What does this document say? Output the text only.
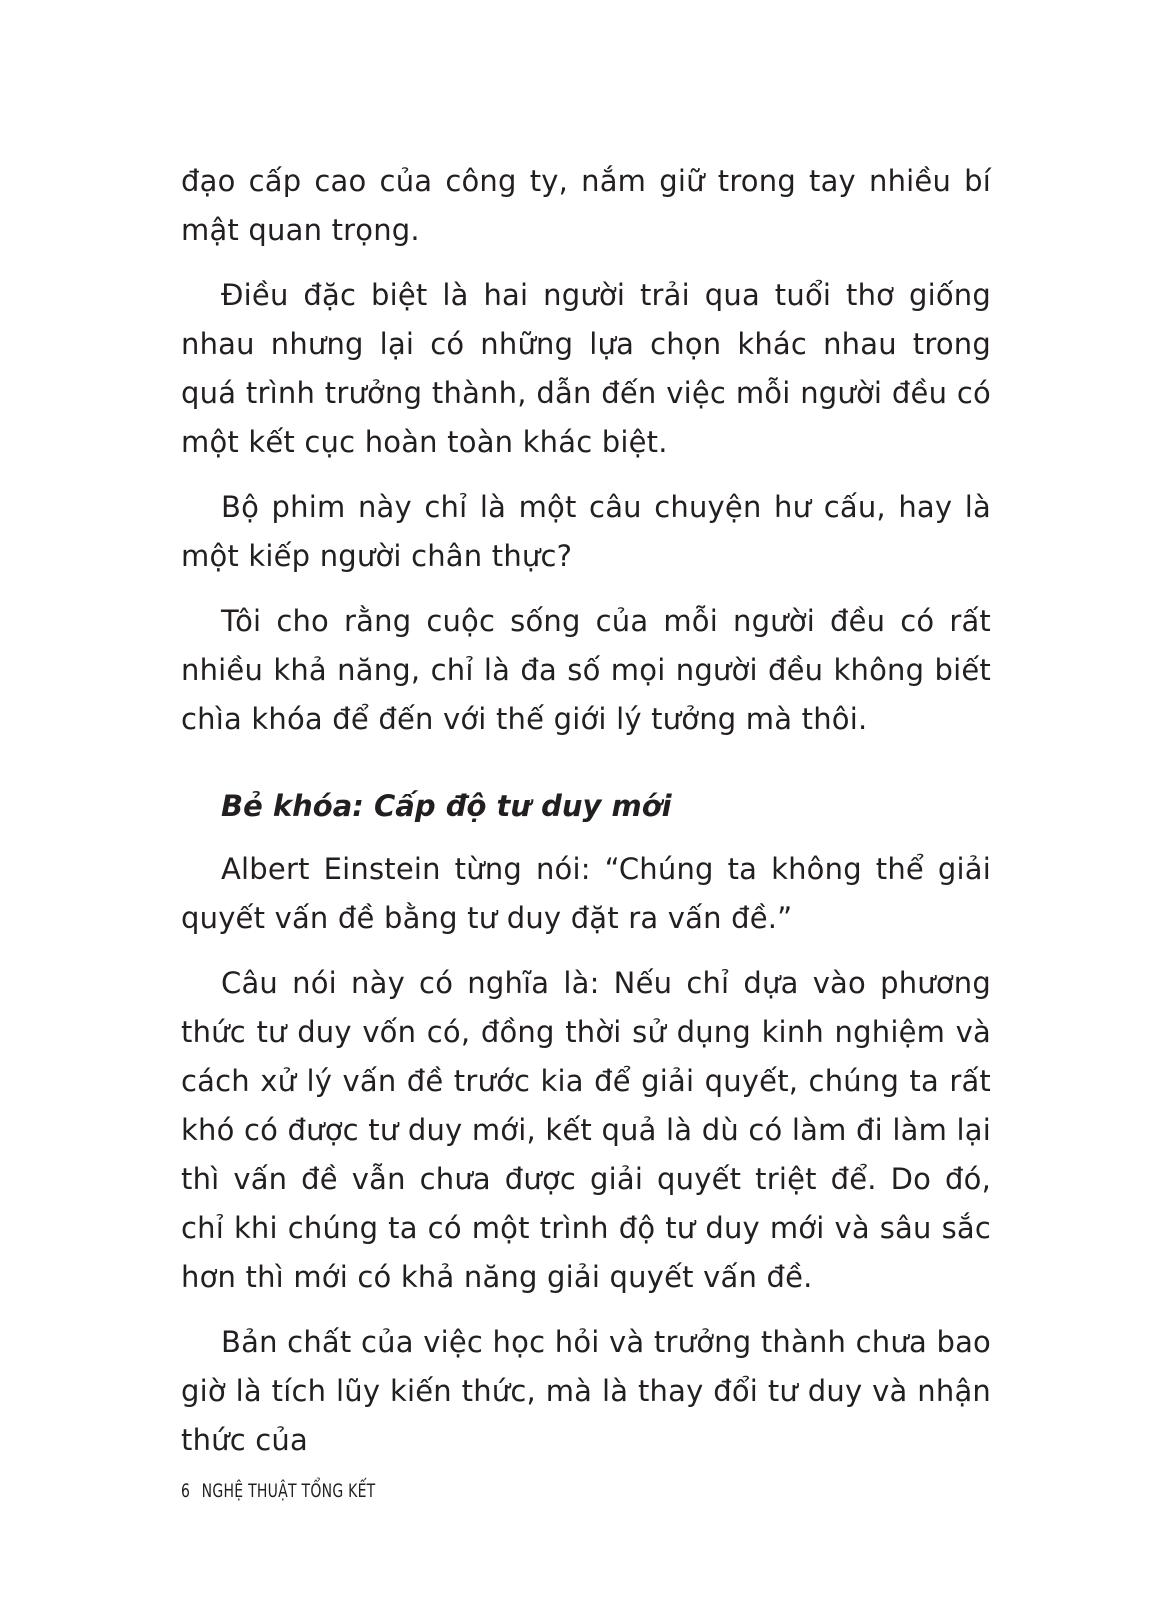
đạo cấp cao của công ty, nắm giữ trong tay nhiều bí mật quan trọng.

Điều đặc biệt là hai người trải qua tuổi thơ giống nhau nhưng lại có những lựa chọn khác nhau trong quá trình trưởng thành, dẫn đến việc mỗi người đều có một kết cục hoàn toàn khác biệt.

Bộ phim này chỉ là một câu chuyện hư cấu, hay là một kiếp người chân thực?

Tôi cho rằng cuộc sống của mỗi người đều có rất nhiều khả năng, chỉ là đa số mọi người đều không biết chìa khóa để đến với thế giới lý tưởng mà thôi.

Bẻ khóa: Cấp độ tư duy mới

Albert Einstein từng nói: “Chúng ta không thể giải quyết vấn đề bằng tư duy đặt ra vấn đề.”

Câu nói này có nghĩa là: Nếu chỉ dựa vào phương thức tư duy vốn có, đồng thời sử dụng kinh nghiệm và cách xử lý vấn đề trước kia để giải quyết, chúng ta rất khó có được tư duy mới, kết quả là dù có làm đi làm lại thì vấn đề vẫn chưa được giải quyết triệt để. Do đó, chỉ khi chúng ta có một trình độ tư duy mới và sâu sắc hơn thì mới có khả năng giải quyết vấn đề.

Bản chất của việc học hỏi và trưởng thành chưa bao giờ là tích lũy kiến thức, mà là thay đổi tư duy và nhận thức của

6 NGHỆ THUẬT TỔNG KẾT
